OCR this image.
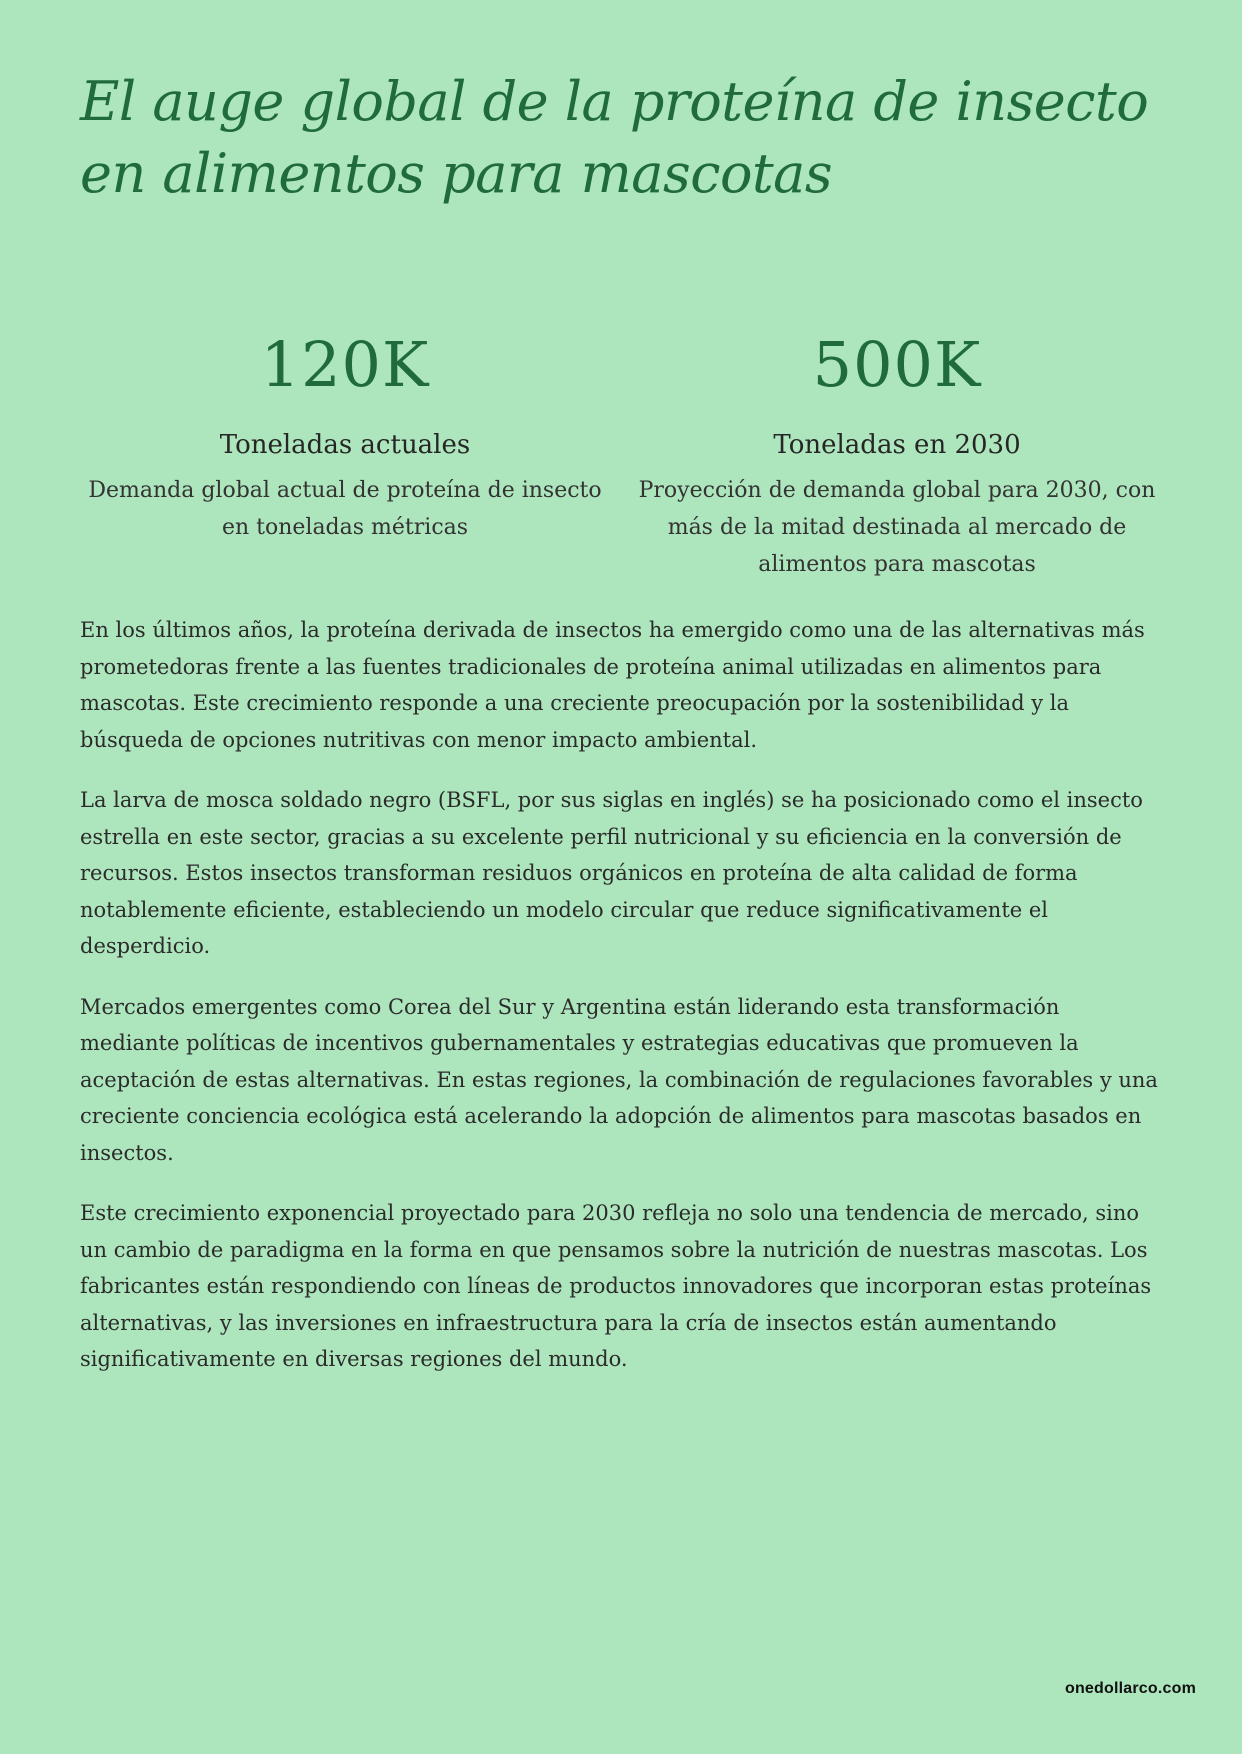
El auge global de la proteína de insecto en alimentos para mascotas
120K
Toneladas actuales
Demanda global actual de proteína de insecto en toneladas métricas
500K
Toneladas en 2030
Proyección de demanda global para 2030, con más de la mitad destinada al mercado de alimentos para mascotas

En los últimos años, la proteína derivada de insectos ha emergido como una de las alternativas más prometedoras frente a las fuentes tradicionales de proteína animal utilizadas en alimentos para mascotas. Este crecimiento responde a una creciente preocupación por la sostenibilidad y la búsqueda de opciones nutritivas con menor impacto ambiental.

La larva de mosca soldado negro (BSFL, por sus siglas en inglés) se ha posicionado como el insecto estrella en este sector, gracias a su excelente perfil nutricional y su eficiencia en la conversión de recursos. Estos insectos transforman residuos orgánicos en proteína de alta calidad de forma notablemente eficiente, estableciendo un modelo circular que reduce significativamente el desperdicio.

Mercados emergentes como Corea del Sur y Argentina están liderando esta transformación mediante políticas de incentivos gubernamentales y estrategias educativas que promueven la aceptación de estas alternativas. En estas regiones, la combinación de regulaciones favorables y una creciente conciencia ecológica está acelerando la adopción de alimentos para mascotas basados en insectos.

Este crecimiento exponencial proyectado para 2030 refleja no solo una tendencia de mercado, sino un cambio de paradigma en la forma en que pensamos sobre la nutrición de nuestras mascotas. Los fabricantes están respondiendo con líneas de productos innovadores que incorporan estas proteínas alternativas, y las inversiones en infraestructura para la cría de insectos están aumentando significativamente en diversas regiones del mundo.

onedollarco.com
